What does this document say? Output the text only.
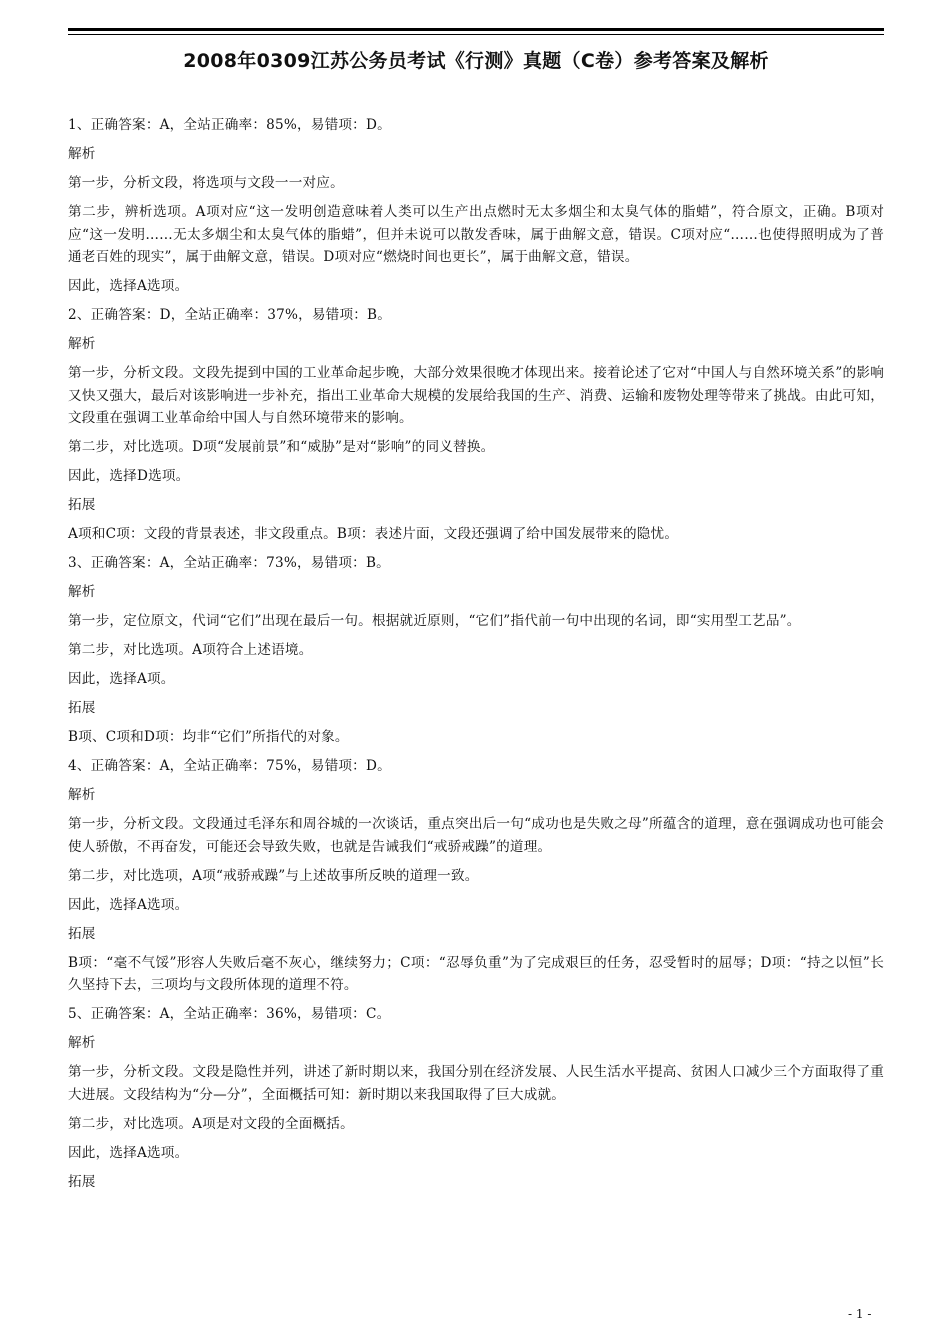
2008年0309江苏公务员考试《行测》真题（C卷）参考答案及解析

1、正确答案：A，全站正确率：85%，易错项：D。

解析

第一步，分析文段，将选项与文段一一对应。

第二步，辨析选项。A项对应“这一发明创造意味着人类可以生产出点燃时无太多烟尘和太臭气体的脂蜡”，符合原文，正确。B项对应“这一发明……无太多烟尘和太臭气体的脂蜡”，但并未说可以散发香味，属于曲解文意，错误。C项对应“……也使得照明成为了普通老百姓的现实”，属于曲解文意，错误。D项对应“燃烧时间也更长”，属于曲解文意，错误。

因此，选择A选项。

2、正确答案：D，全站正确率：37%，易错项：B。

解析

第一步，分析文段。文段先提到中国的工业革命起步晚，大部分效果很晚才体现出来。接着论述了它对“中国人与自然环境关系”的影响又快又强大，最后对该影响进一步补充，指出工业革命大规模的发展给我国的生产、消费、运输和废物处理等带来了挑战。由此可知，文段重在强调工业革命给中国人与自然环境带来的影响。

第二步，对比选项。D项“发展前景”和“威胁”是对“影响”的同义替换。

因此，选择D选项。

拓展

A项和C项：文段的背景表述，非文段重点。B项：表述片面，文段还强调了给中国发展带来的隐忧。

3、正确答案：A，全站正确率：73%，易错项：B。

解析

第一步，定位原文，代词“它们”出现在最后一句。根据就近原则，“它们”指代前一句中出现的名词，即“实用型工艺品”。

第二步，对比选项。A项符合上述语境。

因此，选择A项。

拓展

B项、C项和D项：均非“它们”所指代的对象。

4、正确答案：A，全站正确率：75%，易错项：D。

解析

第一步，分析文段。文段通过毛泽东和周谷城的一次谈话，重点突出后一句“成功也是失败之母”所蕴含的道理，意在强调成功也可能会使人骄傲，不再奋发，可能还会导致失败，也就是告诫我们“戒骄戒躁”的道理。

第二步，对比选项，A项“戒骄戒躁”与上述故事所反映的道理一致。

因此，选择A选项。

拓展

B项：“毫不气馁”形容人失败后毫不灰心，继续努力；C项：“忍辱负重”为了完成艰巨的任务，忍受暂时的屈辱；D项：“持之以恒”长久坚持下去，三项均与文段所体现的道理不符。

5、正确答案：A，全站正确率：36%，易错项：C。

解析

第一步，分析文段。文段是隐性并列，讲述了新时期以来，我国分别在经济发展、人民生活水平提高、贫困人口减少三个方面取得了重大进展。文段结构为“分—分”，全面概括可知：新时期以来我国取得了巨大成就。

第二步，对比选项。A项是对文段的全面概括。

因此，选择A选项。

拓展

- 1 -
